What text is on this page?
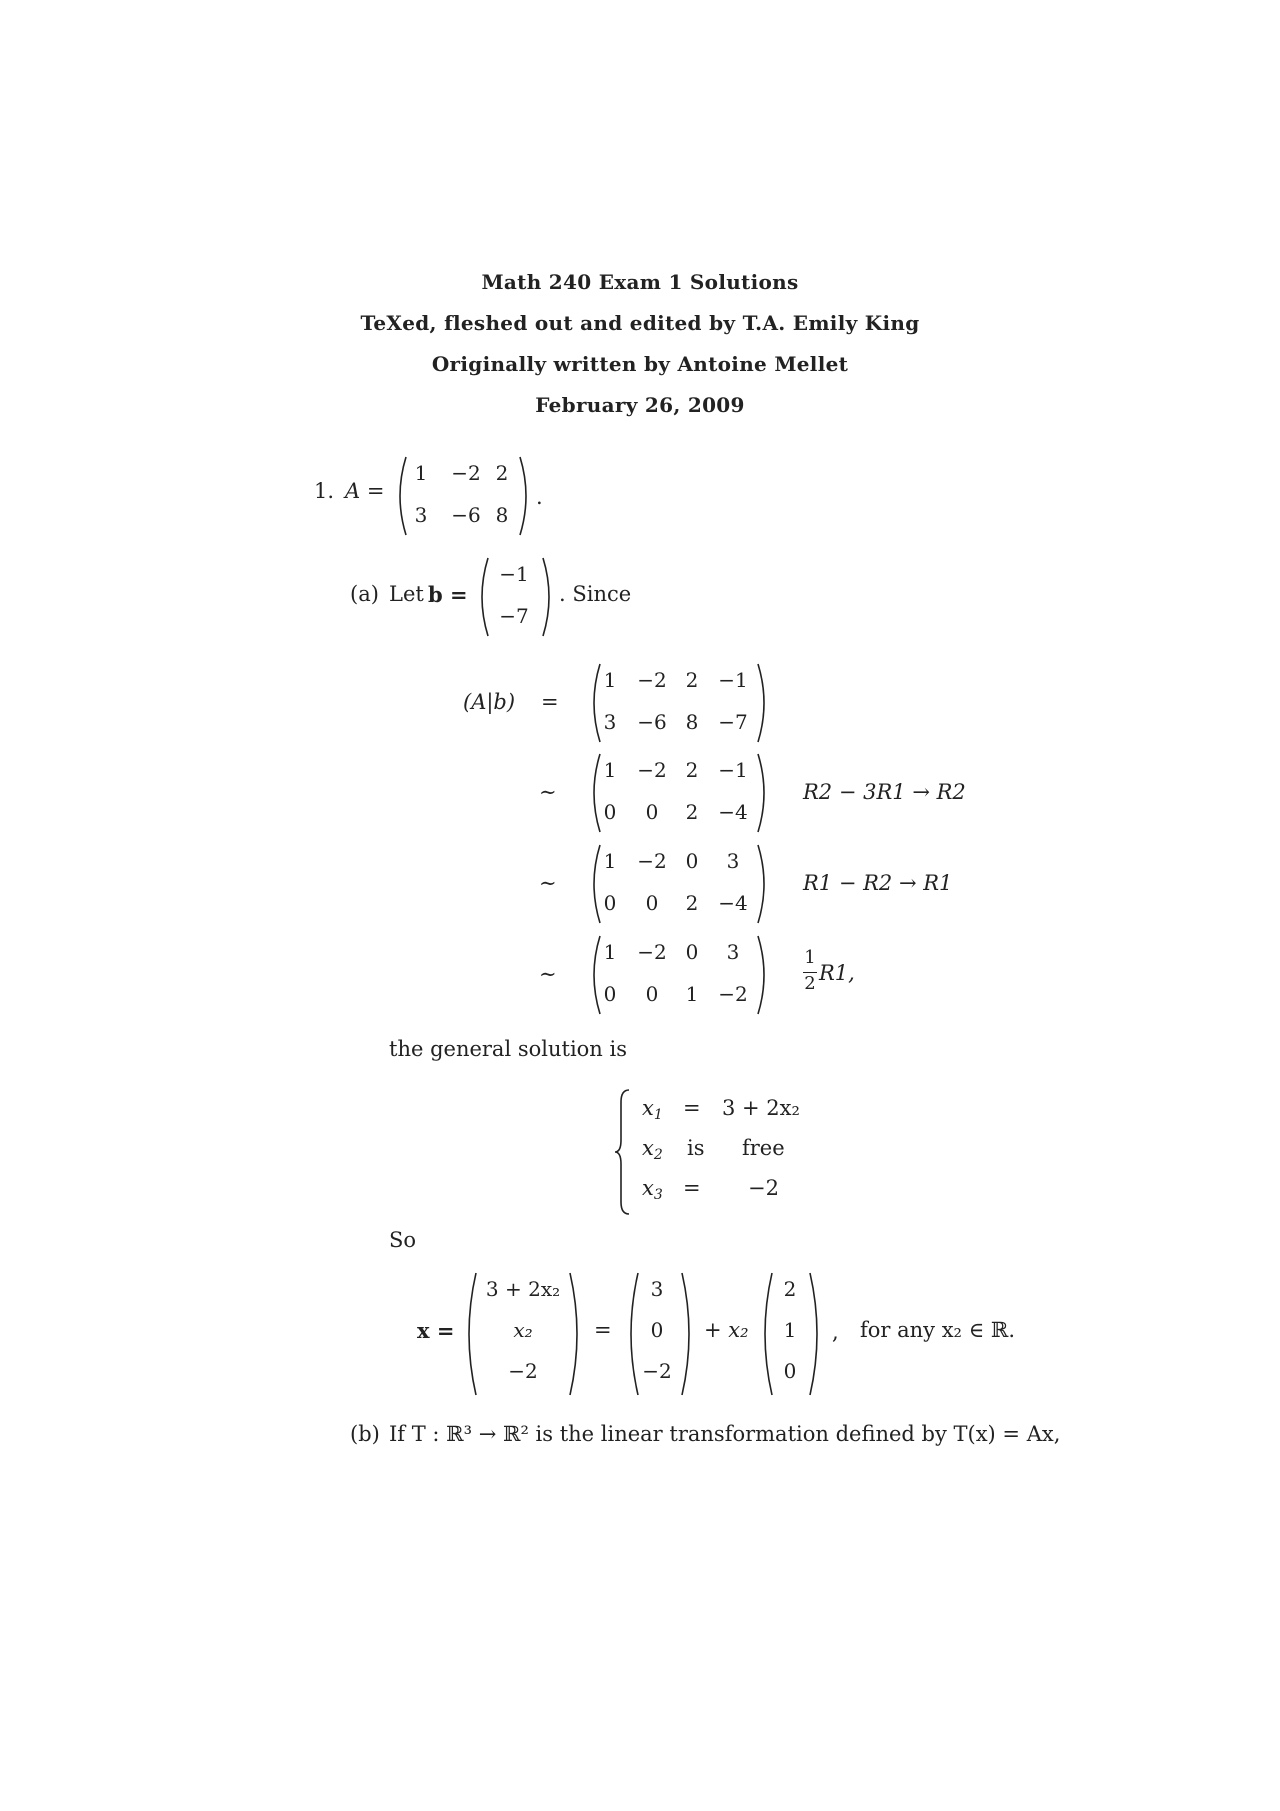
Math 240 Exam 1 Solutions
TeXed, fleshed out and edited by T.A. Emily King
Originally written by Antoine Mellet
February 26, 2009
1. A =
1 −2 2
3 −6 8
.
(a) Let b =
−1
−7
. Since
(A|b) =
1 −2 2 −1
3 −6 8 −7
∼
1 −2 2 −1
0 0 2 −4
R2 − 3R1 → R2
∼
1 −2 0 3
0 0 2 −4
R1 − R2 → R1
∼
1 −2 0 3
0 0 1 −2
1
2 R1,
the general solution is
$x_1 = 3 + 2x_2$
$x_2$ is free
$x_3 = -2$
So
x =
3 + 2x₂
x₂
−2
=
3
0
−2
+ x₂
2
1
0
, for any x₂ ∈ ℝ.
(b) If T : ℝ³ → ℝ² is the linear transformation defined by T(x) = Ax,
